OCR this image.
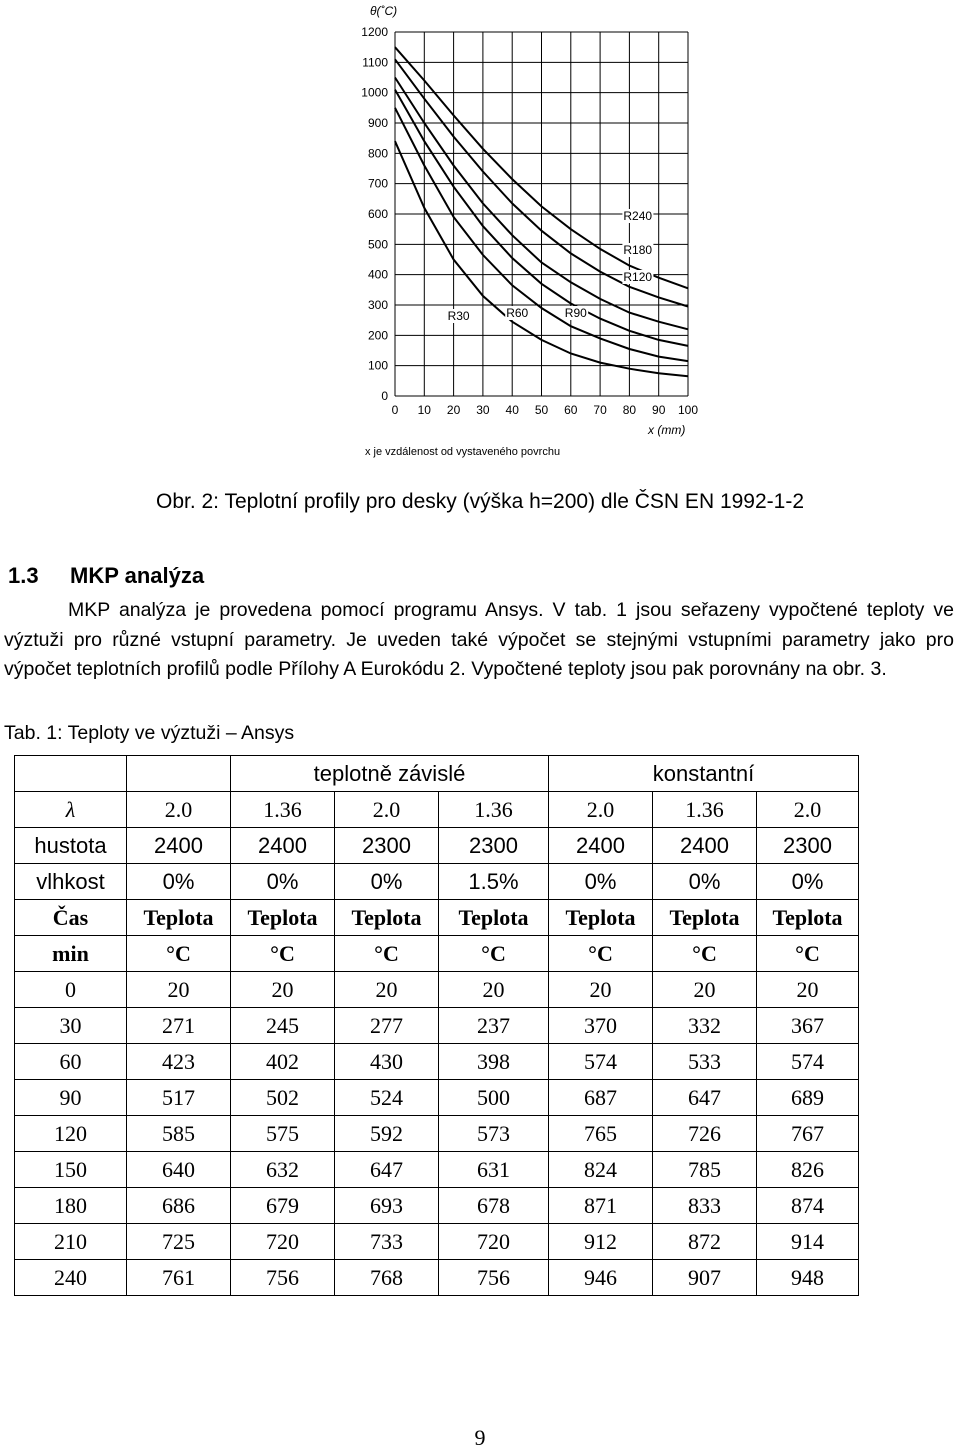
0
100
200
300
400
500
600
700
800
900
1000
1100
1200
0 10 20 30 40 50 60 70 80 90 100
θ(˚C)
x (mm)
x je vzdálenost od vystaveného povrchu
R240
R180
R120
R30	R60	R90
Obr. 2: Teplotní profily pro desky (výška h=200) dle ČSN EN 1992-1-2
1.3 MKP analýza
MKP analýza je provedena pomocí programu Ansys. V tab. 1 jsou seřazeny vypočtené teploty ve výztuži pro různé vstupní parametry. Je uveden také výpočet se stejnými vstupními parametry jako pro výpočet teplotních profilů podle Přílohy A Eurokódu 2. Vypočtené teploty jsou pak porovnány na obr. 3.
Tab. 1: Teploty ve výztuži – Ansys
		teplotně závislé			konstantní		
λ	2.0	1.36	2.0	1.36	2.0	1.36	2.0
hustota	2400	2400	2300	2300	2400	2400	2300
vlhkost	0%	0%	0%	1.5%	0%	0%	0%
Čas	Teplota	Teplota	Teplota	Teplota	Teplota	Teplota	Teplota
min	°C	°C	°C	°C	°C	°C	°C
0	20	20	20	20	20	20	20
30	271	245	277	237	370	332	367
60	423	402	430	398	574	533	574
90	517	502	524	500	687	647	689
120	585	575	592	573	765	726	767
150	640	632	647	631	824	785	826
180	686	679	693	678	871	833	874
210	725	720	733	720	912	872	914
240	761	756	768	756	946	907	948
9
